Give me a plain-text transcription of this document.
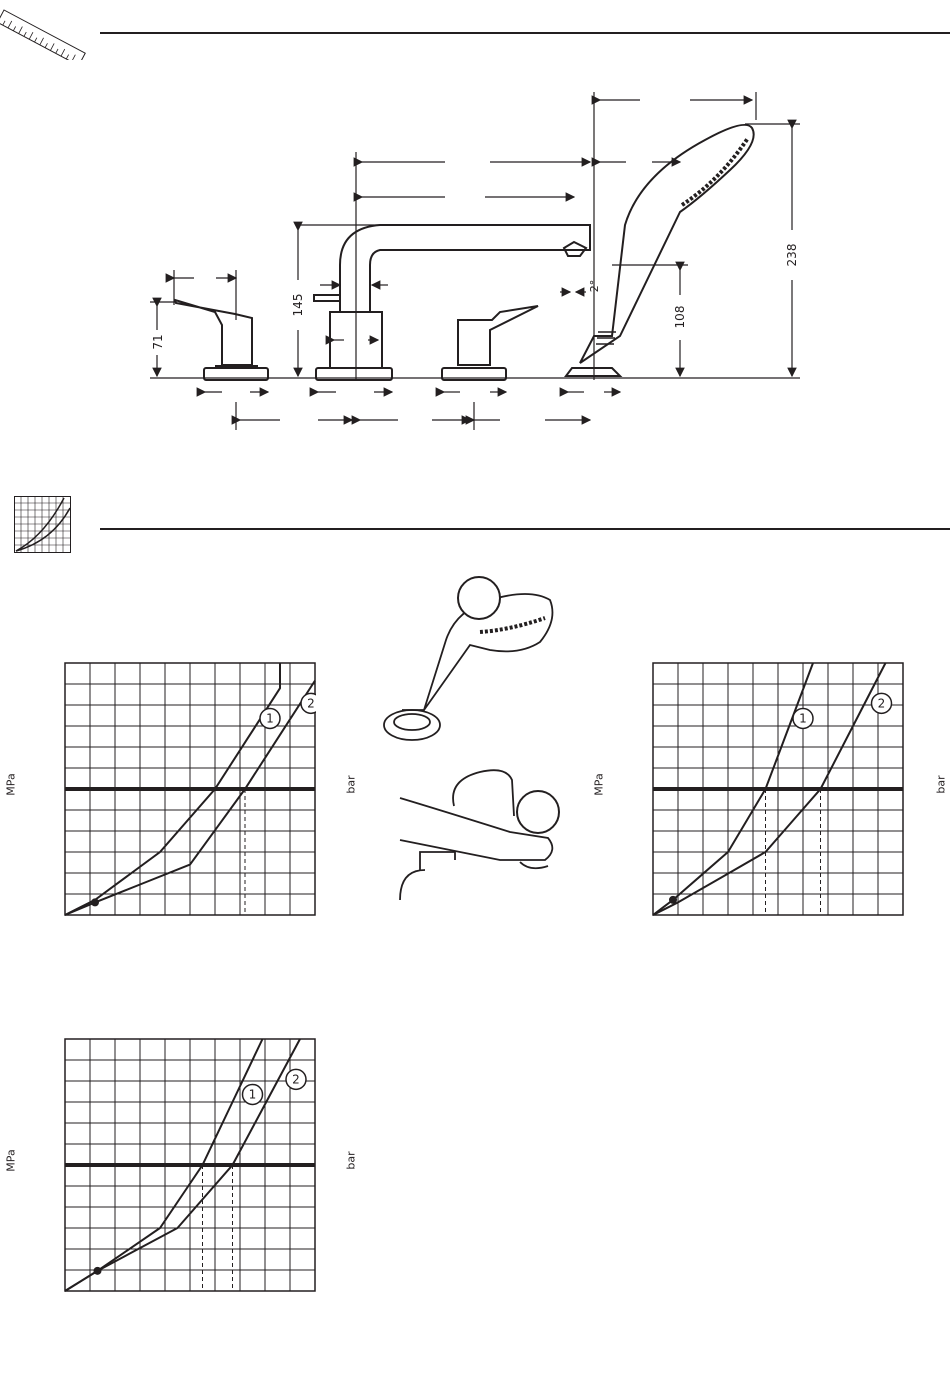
71
145
108
238
2°
1
2
MPa	bar
1
2
MPa	bar
1
2
MPa	bar
